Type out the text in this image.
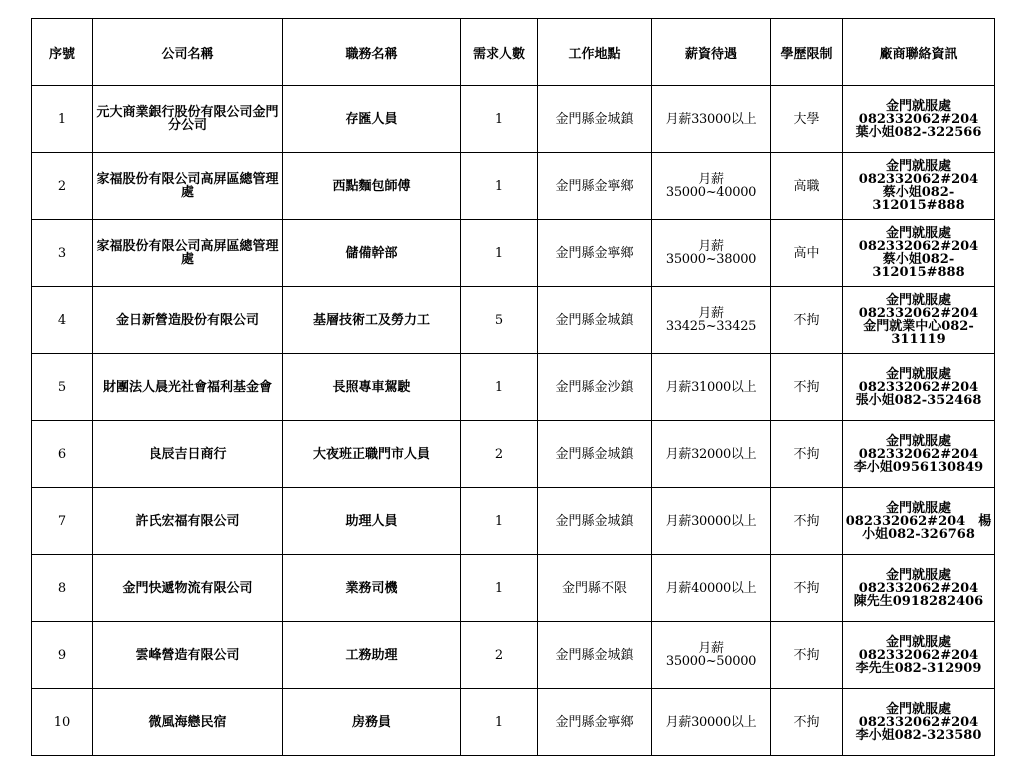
序號	公司名稱	職務名稱	需求人數	工作地點	薪資待遇	學歷限制	廠商聯絡資訊
1	元大商業銀行股份有限公司金門分公司	存匯人員	1	金門縣金城鎮	月薪33000以上	大學	金門就服處082332062#204
葉小姐082-322566

2	家福股份有限公司高屏區總管理處	西點麵包師傅	1	金門縣金寧鄉	月薪35000~40000	高職	金門就服處082332062#204
蔡小姐082-312015#888

3	家福股份有限公司高屏區總管理處	儲備幹部	1	金門縣金寧鄉	月薪35000~38000	高中	金門就服處082332062#204
蔡小姐082-312015#888

4	金日新營造股份有限公司	基層技術工及勞力工	5	金門縣金城鎮	月薪33425~33425	不拘	金門就服處082332062#204
金門就業中心082-311119

5	財團法人晨光社會福利基金會	長照專車駕駛	1	金門縣金沙鎮	月薪31000以上	不拘	金門就服處082332062#204
張小姐082-352468

6	良辰吉日商行	大夜班正職門市人員	2	金門縣金城鎮	月薪32000以上	不拘	金門就服處082332062#204
李小姐0956130849

7	許氏宏福有限公司	助理人員	1	金門縣金城鎮	月薪30000以上	不拘	金門就服處082332062#204　楊
小姐082-326768

8	金門快遞物流有限公司	業務司機	1	金門縣不限	月薪40000以上	不拘	金門就服處082332062#204
陳先生0918282406

9	雲峰營造有限公司	工務助理	2	金門縣金城鎮	月薪35000~50000	不拘	金門就服處082332062#204
李先生082-312909

10	微風海戀民宿	房務員	1	金門縣金寧鄉	月薪30000以上	不拘	金門就服處082332062#204
李小姐082-323580
